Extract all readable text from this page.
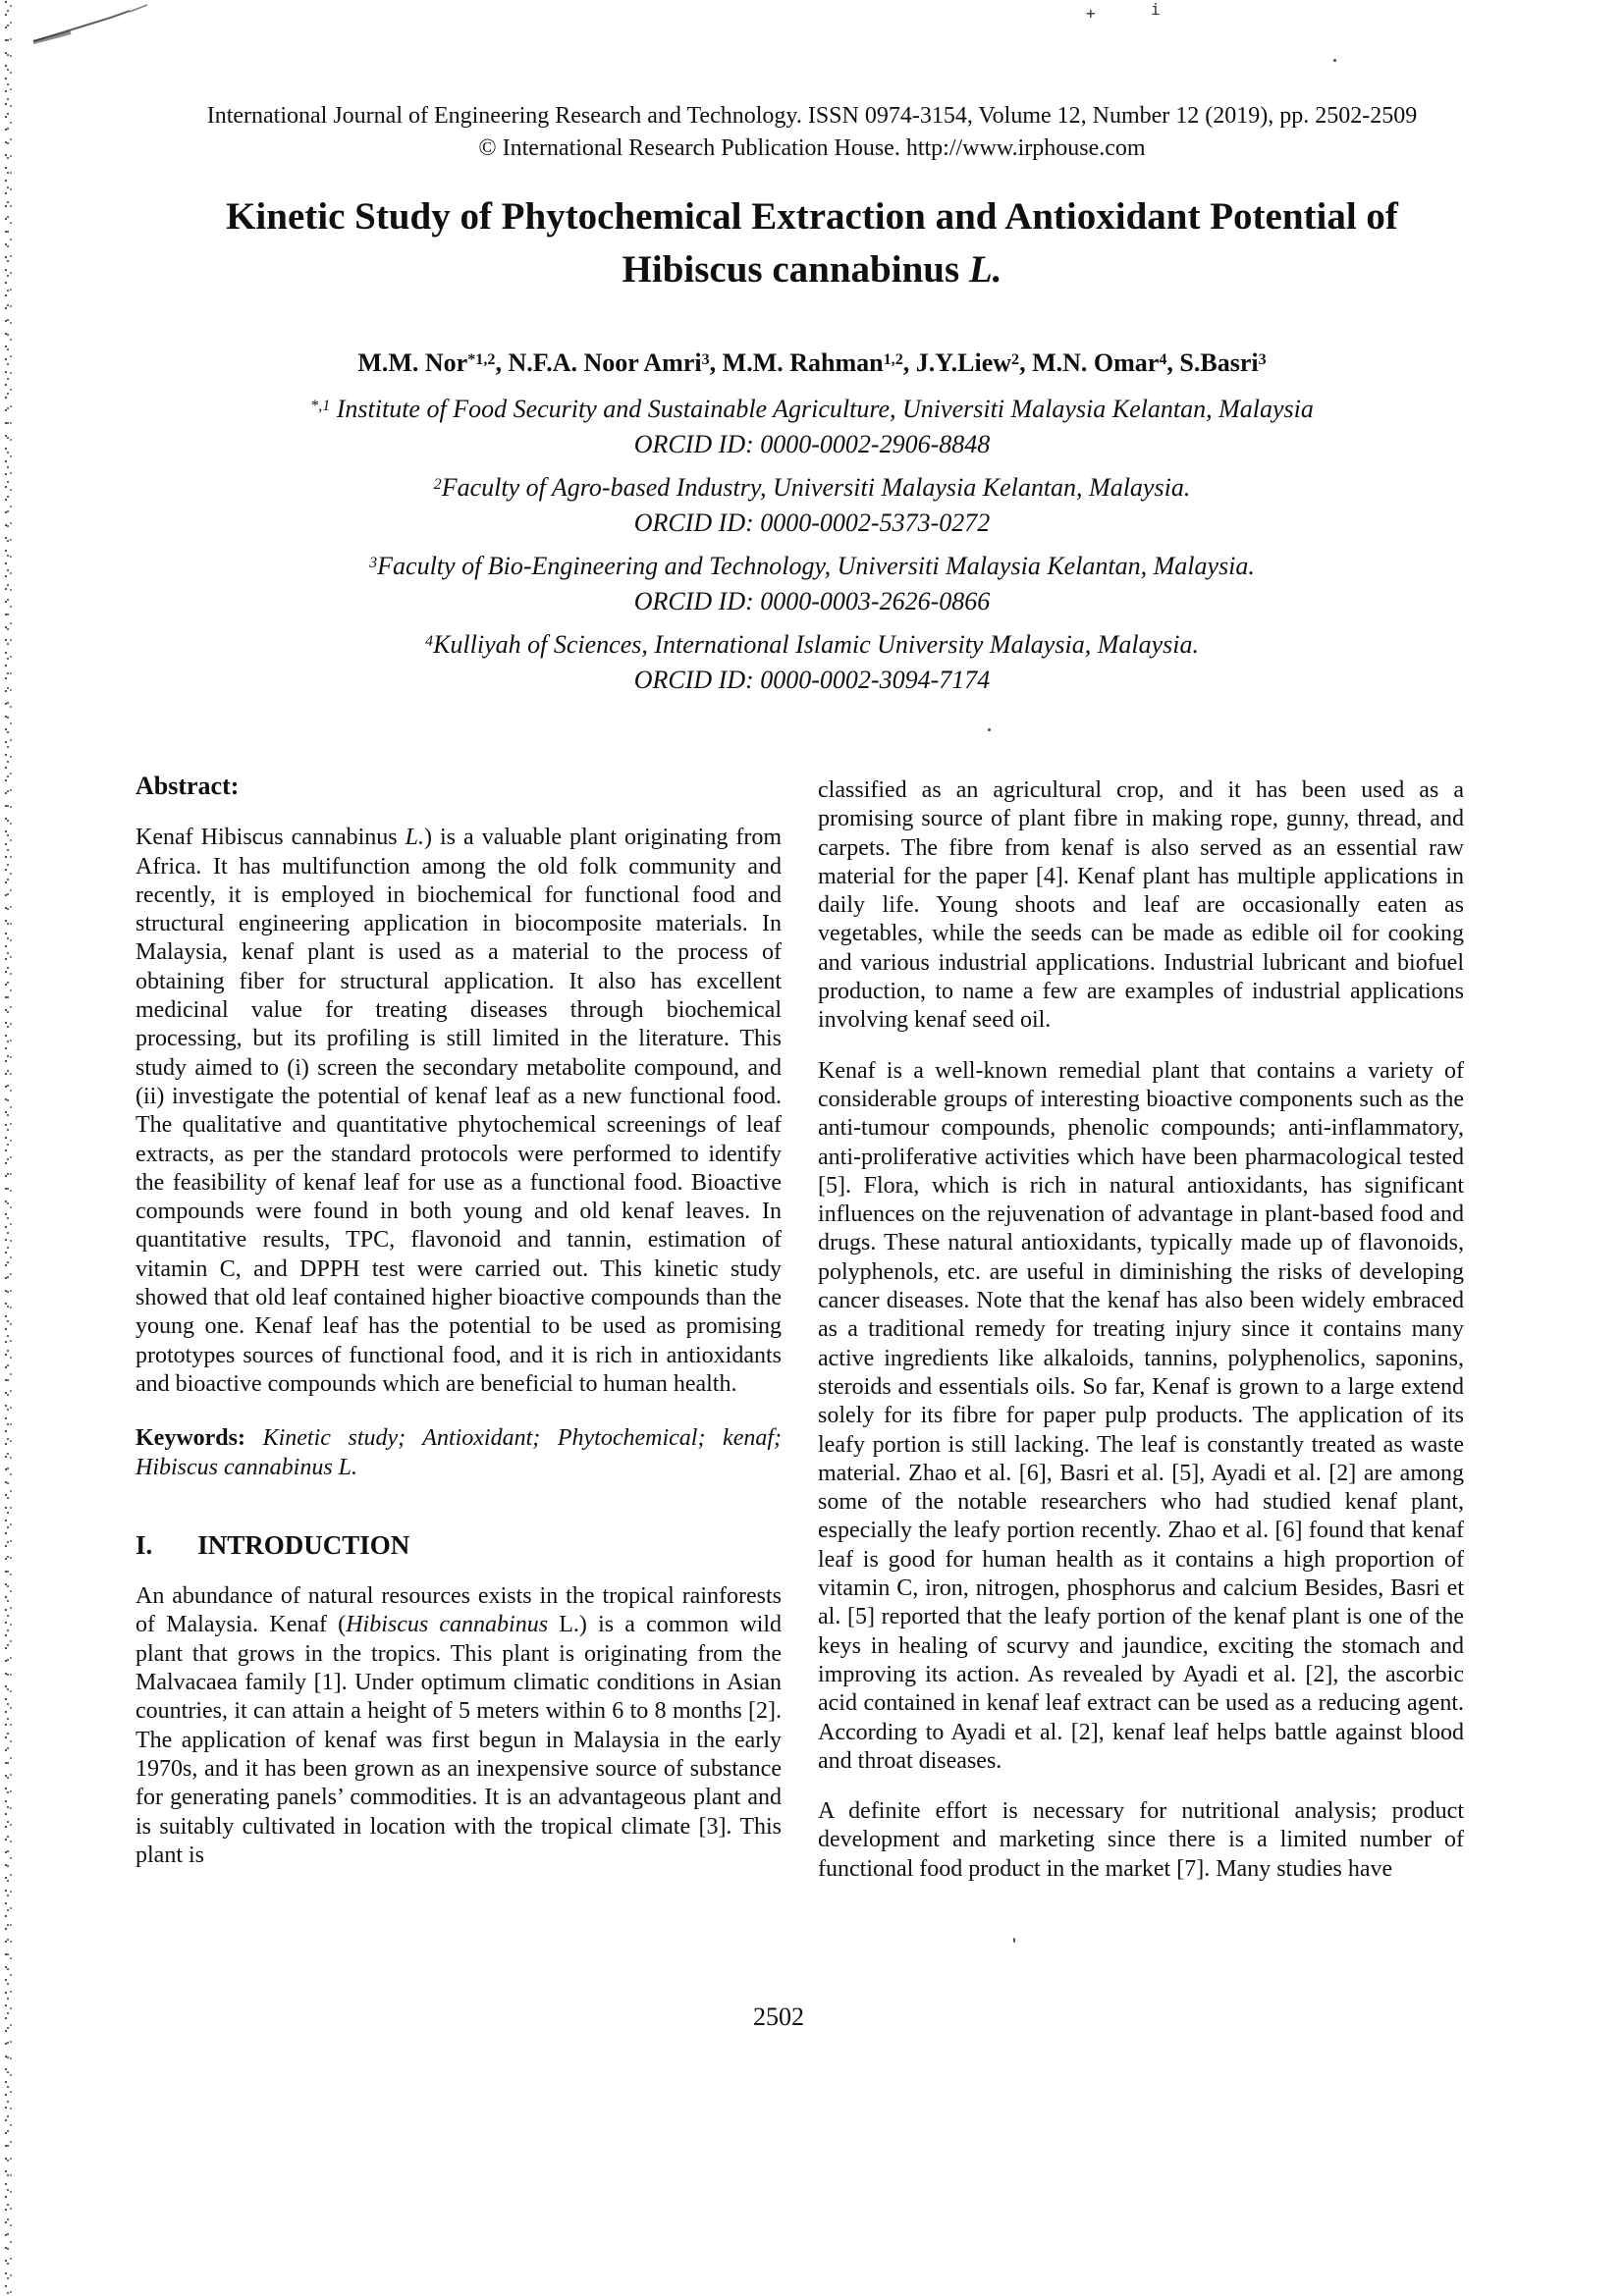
+	i
International Journal of Engineering Research and Technology. ISSN 0974-3154, Volume 12, Number 12 (2019), pp. 2502-2509
© International Research Publication House. http://www.irphouse.com
Kinetic Study of Phytochemical Extraction and Antioxidant Potential of
Hibiscus cannabinus L.
M.M. Nor$^{*1,2}$, N.F.A. Noor Amri$^3$, M.M. Rahman$^{1,2}$, J.Y.Liew$^2$, M.N. Omar$^4$, S.Basri$^3$
$^{*,1}$ Institute of Food Security and Sustainable Agriculture, Universiti Malaysia Kelantan, Malaysia
ORCID ID: 0000-0002-2906-8848
$^2$Faculty of Agro-based Industry, Universiti Malaysia Kelantan, Malaysia.
ORCID ID: 0000-0002-5373-0272
$^3$Faculty of Bio-Engineering and Technology, Universiti Malaysia Kelantan, Malaysia.
ORCID ID: 0000-0003-2626-0866
$^4$Kulliyah of Sciences, International Islamic University Malaysia, Malaysia.
ORCID ID: 0000-0002-3094-7174
Abstract:

Kenaf Hibiscus cannabinus L.) is a valuable plant originating from Africa. It has multifunction among the old folk community and recently, it is employed in biochemical for functional food and structural engineering application in biocomposite materials. In Malaysia, kenaf plant is used as a material to the process of obtaining fiber for structural application. It also has excellent medicinal value for treating diseases through biochemical processing, but its profiling is still limited in the literature. This study aimed to (i) screen the secondary metabolite compound, and (ii) investigate the potential of kenaf leaf as a new functional food. The qualitative and quantitative phytochemical screenings of leaf extracts, as per the standard protocols were performed to identify the feasibility of kenaf leaf for use as a functional food. Bioactive compounds were found in both young and old kenaf leaves. In quantitative results, TPC, flavonoid and tannin, estimation of vitamin C, and DPPH test were carried out. This kinetic study showed that old leaf contained higher bioactive compounds than the young one. Kenaf leaf has the potential to be used as promising prototypes sources of functional food, and it is rich in antioxidants and bioactive compounds which are beneficial to human health.

Keywords: Kinetic study; Antioxidant; Phytochemical; kenaf; Hibiscus cannabinus L.

I. INTRODUCTION

An abundance of natural resources exists in the tropical rainforests of Malaysia. Kenaf (Hibiscus cannabinus L.) is a common wild plant that grows in the tropics. This plant is originating from the Malvacaea family [1]. Under optimum climatic conditions in Asian countries, it can attain a height of 5 meters within 6 to 8 months [2]. The application of kenaf was first begun in Malaysia in the early 1970s, and it has been grown as an inexpensive source of substance for generating panels’ commodities. It is an advantageous plant and is suitably cultivated in location with the tropical climate [3]. This plant is

classified as an agricultural crop, and it has been used as a promising source of plant fibre in making rope, gunny, thread, and carpets. The fibre from kenaf is also served as an essential raw material for the paper [4]. Kenaf plant has multiple applications in daily life. Young shoots and leaf are occasionally eaten as vegetables, while the seeds can be made as edible oil for cooking and various industrial applications. Industrial lubricant and biofuel production, to name a few are examples of industrial applications involving kenaf seed oil.

Kenaf is a well-known remedial plant that contains a variety of considerable groups of interesting bioactive components such as the anti-tumour compounds, phenolic compounds; anti-inflammatory, anti-proliferative activities which have been pharmacological tested [5]. Flora, which is rich in natural antioxidants, has significant influences on the rejuvenation of advantage in plant-based food and drugs. These natural antioxidants, typically made up of flavonoids, polyphenols, etc. are useful in diminishing the risks of developing cancer diseases. Note that the kenaf has also been widely embraced as a traditional remedy for treating injury since it contains many active ingredients like alkaloids, tannins, polyphenolics, saponins, steroids and essentials oils. So far, Kenaf is grown to a large extend solely for its fibre for paper pulp products. The application of its leafy portion is still lacking. The leaf is constantly treated as waste material. Zhao et al. [6], Basri et al. [5], Ayadi et al. [2] are among some of the notable researchers who had studied kenaf plant, especially the leafy portion recently. Zhao et al. [6] found that kenaf leaf is good for human health as it contains a high proportion of vitamin C, iron, nitrogen, phosphorus and calcium Besides, Basri et al. [5] reported that the leafy portion of the kenaf plant is one of the keys in healing of scurvy and jaundice, exciting the stomach and improving its action. As revealed by Ayadi et al. [2], the ascorbic acid contained in kenaf leaf extract can be used as a reducing agent. According to Ayadi et al. [2], kenaf leaf helps battle against blood and throat diseases.

A definite effort is necessary for nutritional analysis; product development and marketing since there is a limited number of functional food product in the market [7]. Many studies have

2502
